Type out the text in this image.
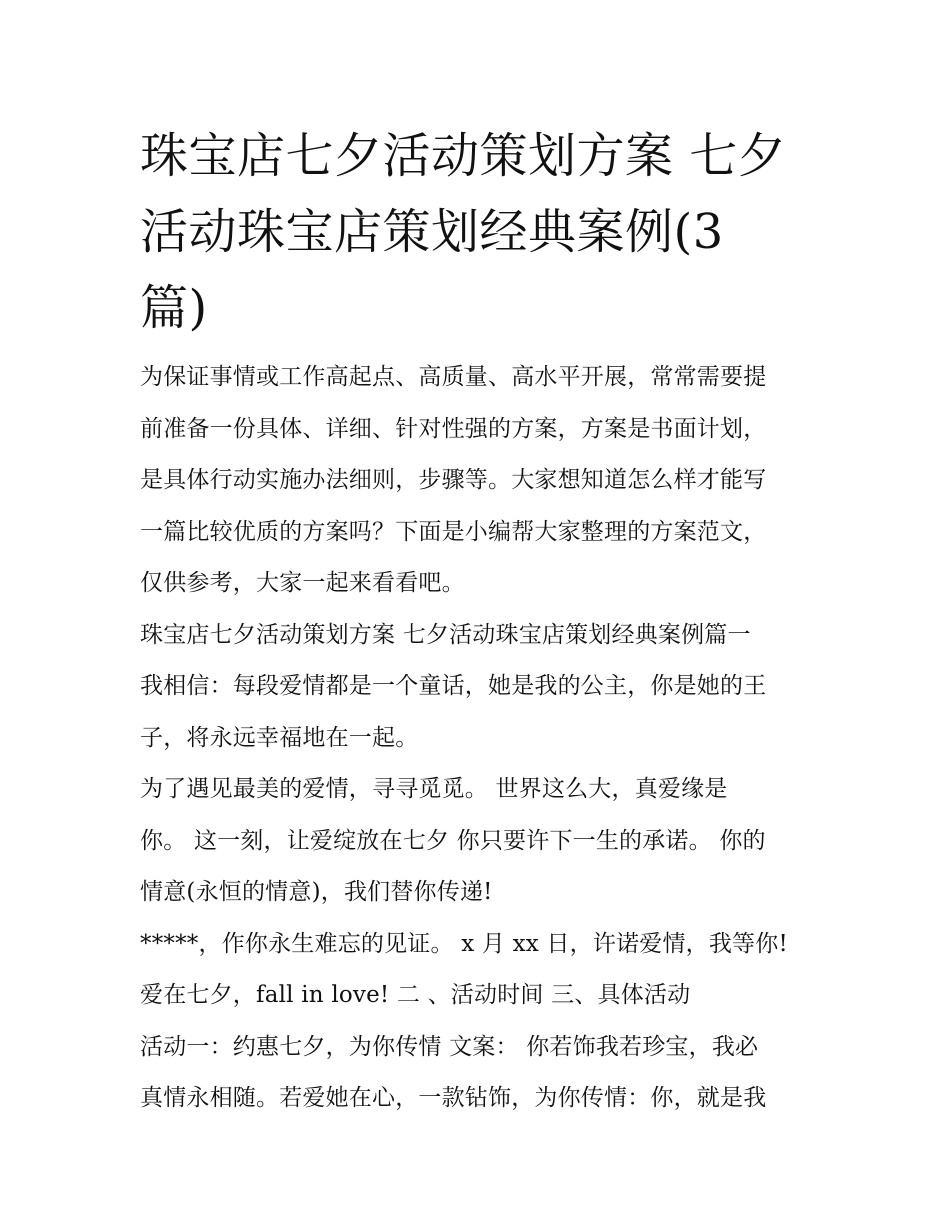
珠宝店七夕活动策划方案 七夕
活动珠宝店策划经典案例(3
篇)
为保证事情或工作高起点、高质量、高水平开展，常常需要提
前准备一份具体、详细、针对性强的方案，方案是书面计划，
是具体行动实施办法细则，步骤等。大家想知道怎么样才能写
一篇比较优质的方案吗？下面是小编帮大家整理的方案范文，
仅供参考，大家一起来看看吧。
珠宝店七夕活动策划方案 七夕活动珠宝店策划经典案例篇一
我相信：每段爱情都是一个童话，她是我的公主，你是她的王
子，将永远幸福地在一起。
为了遇见最美的爱情，寻寻觅觅。 世界这么大，真爱缘是
你。 这一刻，让爱绽放在七夕 你只要许下一生的承诺。 你的
情意(永恒的情意)，我们替你传递!
*****，作你永生难忘的见证。 x 月 xx 日，许诺爱情，我等你!
爱在七夕，fall in love! 二 、活动时间 三、具体活动
活动一：约惠七夕，为你传情 文案： 你若饰我若珍宝，我必
真情永相随。若爱她在心，一款钻饰，为你传情：你，就是我
